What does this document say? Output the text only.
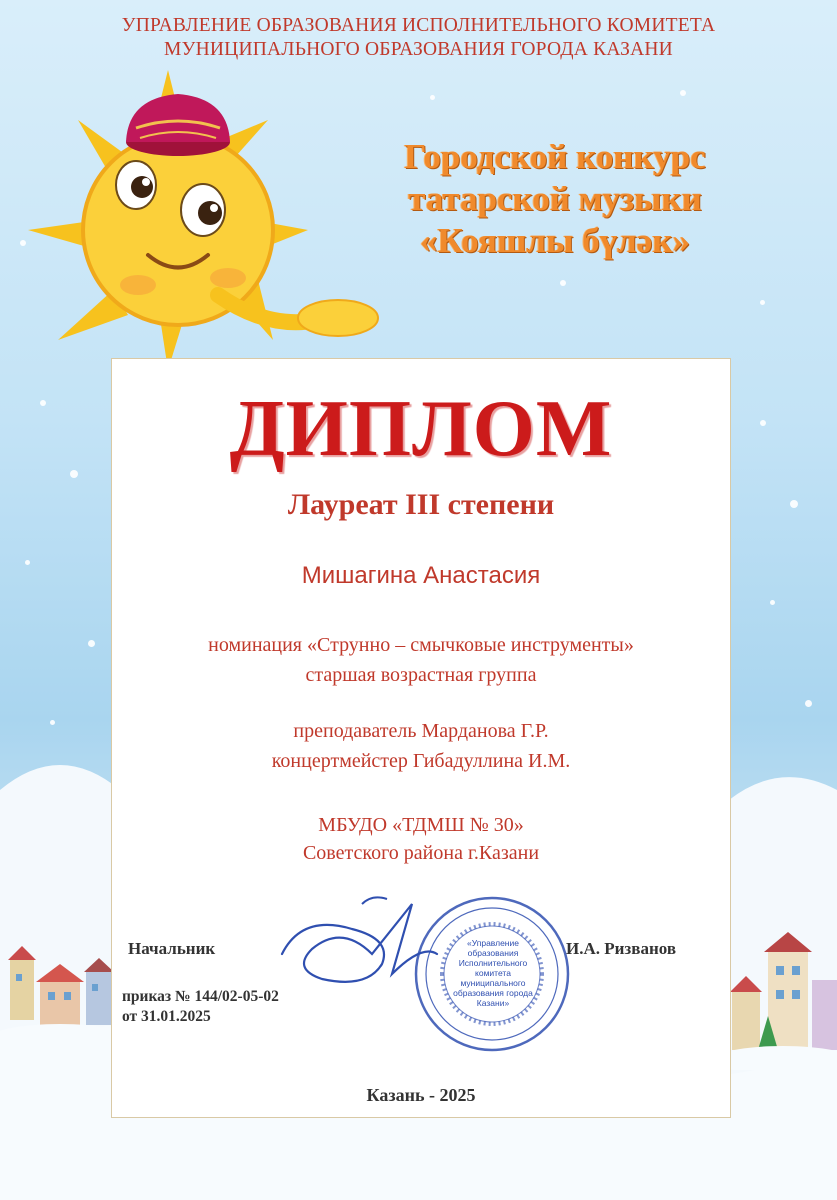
УПРАВЛЕНИЕ ОБРАЗОВАНИЯ ИСПОЛНИТЕЛЬНОГО КОМИТЕТА
МУНИЦИПАЛЬНОГО ОБРАЗОВАНИЯ ГОРОДА КАЗАНИ
Городской конкурс
татарской музыки
«Кояшлы бүләк»
ДИПЛОМ
Лауреат III степени
Мишагина Анастасия
номинация «Струнно – смычковые инструменты»
старшая возрастная группа
преподаватель Марданова Г.Р.
концертмейстер Гибадуллина И.М.
МБУДО «ТДМШ № 30»
Советского района г.Казани
Начальник	«Управление образования Исполнительного комитета муниципального образования города Казани»
И.А. Ризванов
приказ № 144/02-05-02
от 31.01.2025
Казань - 2025
